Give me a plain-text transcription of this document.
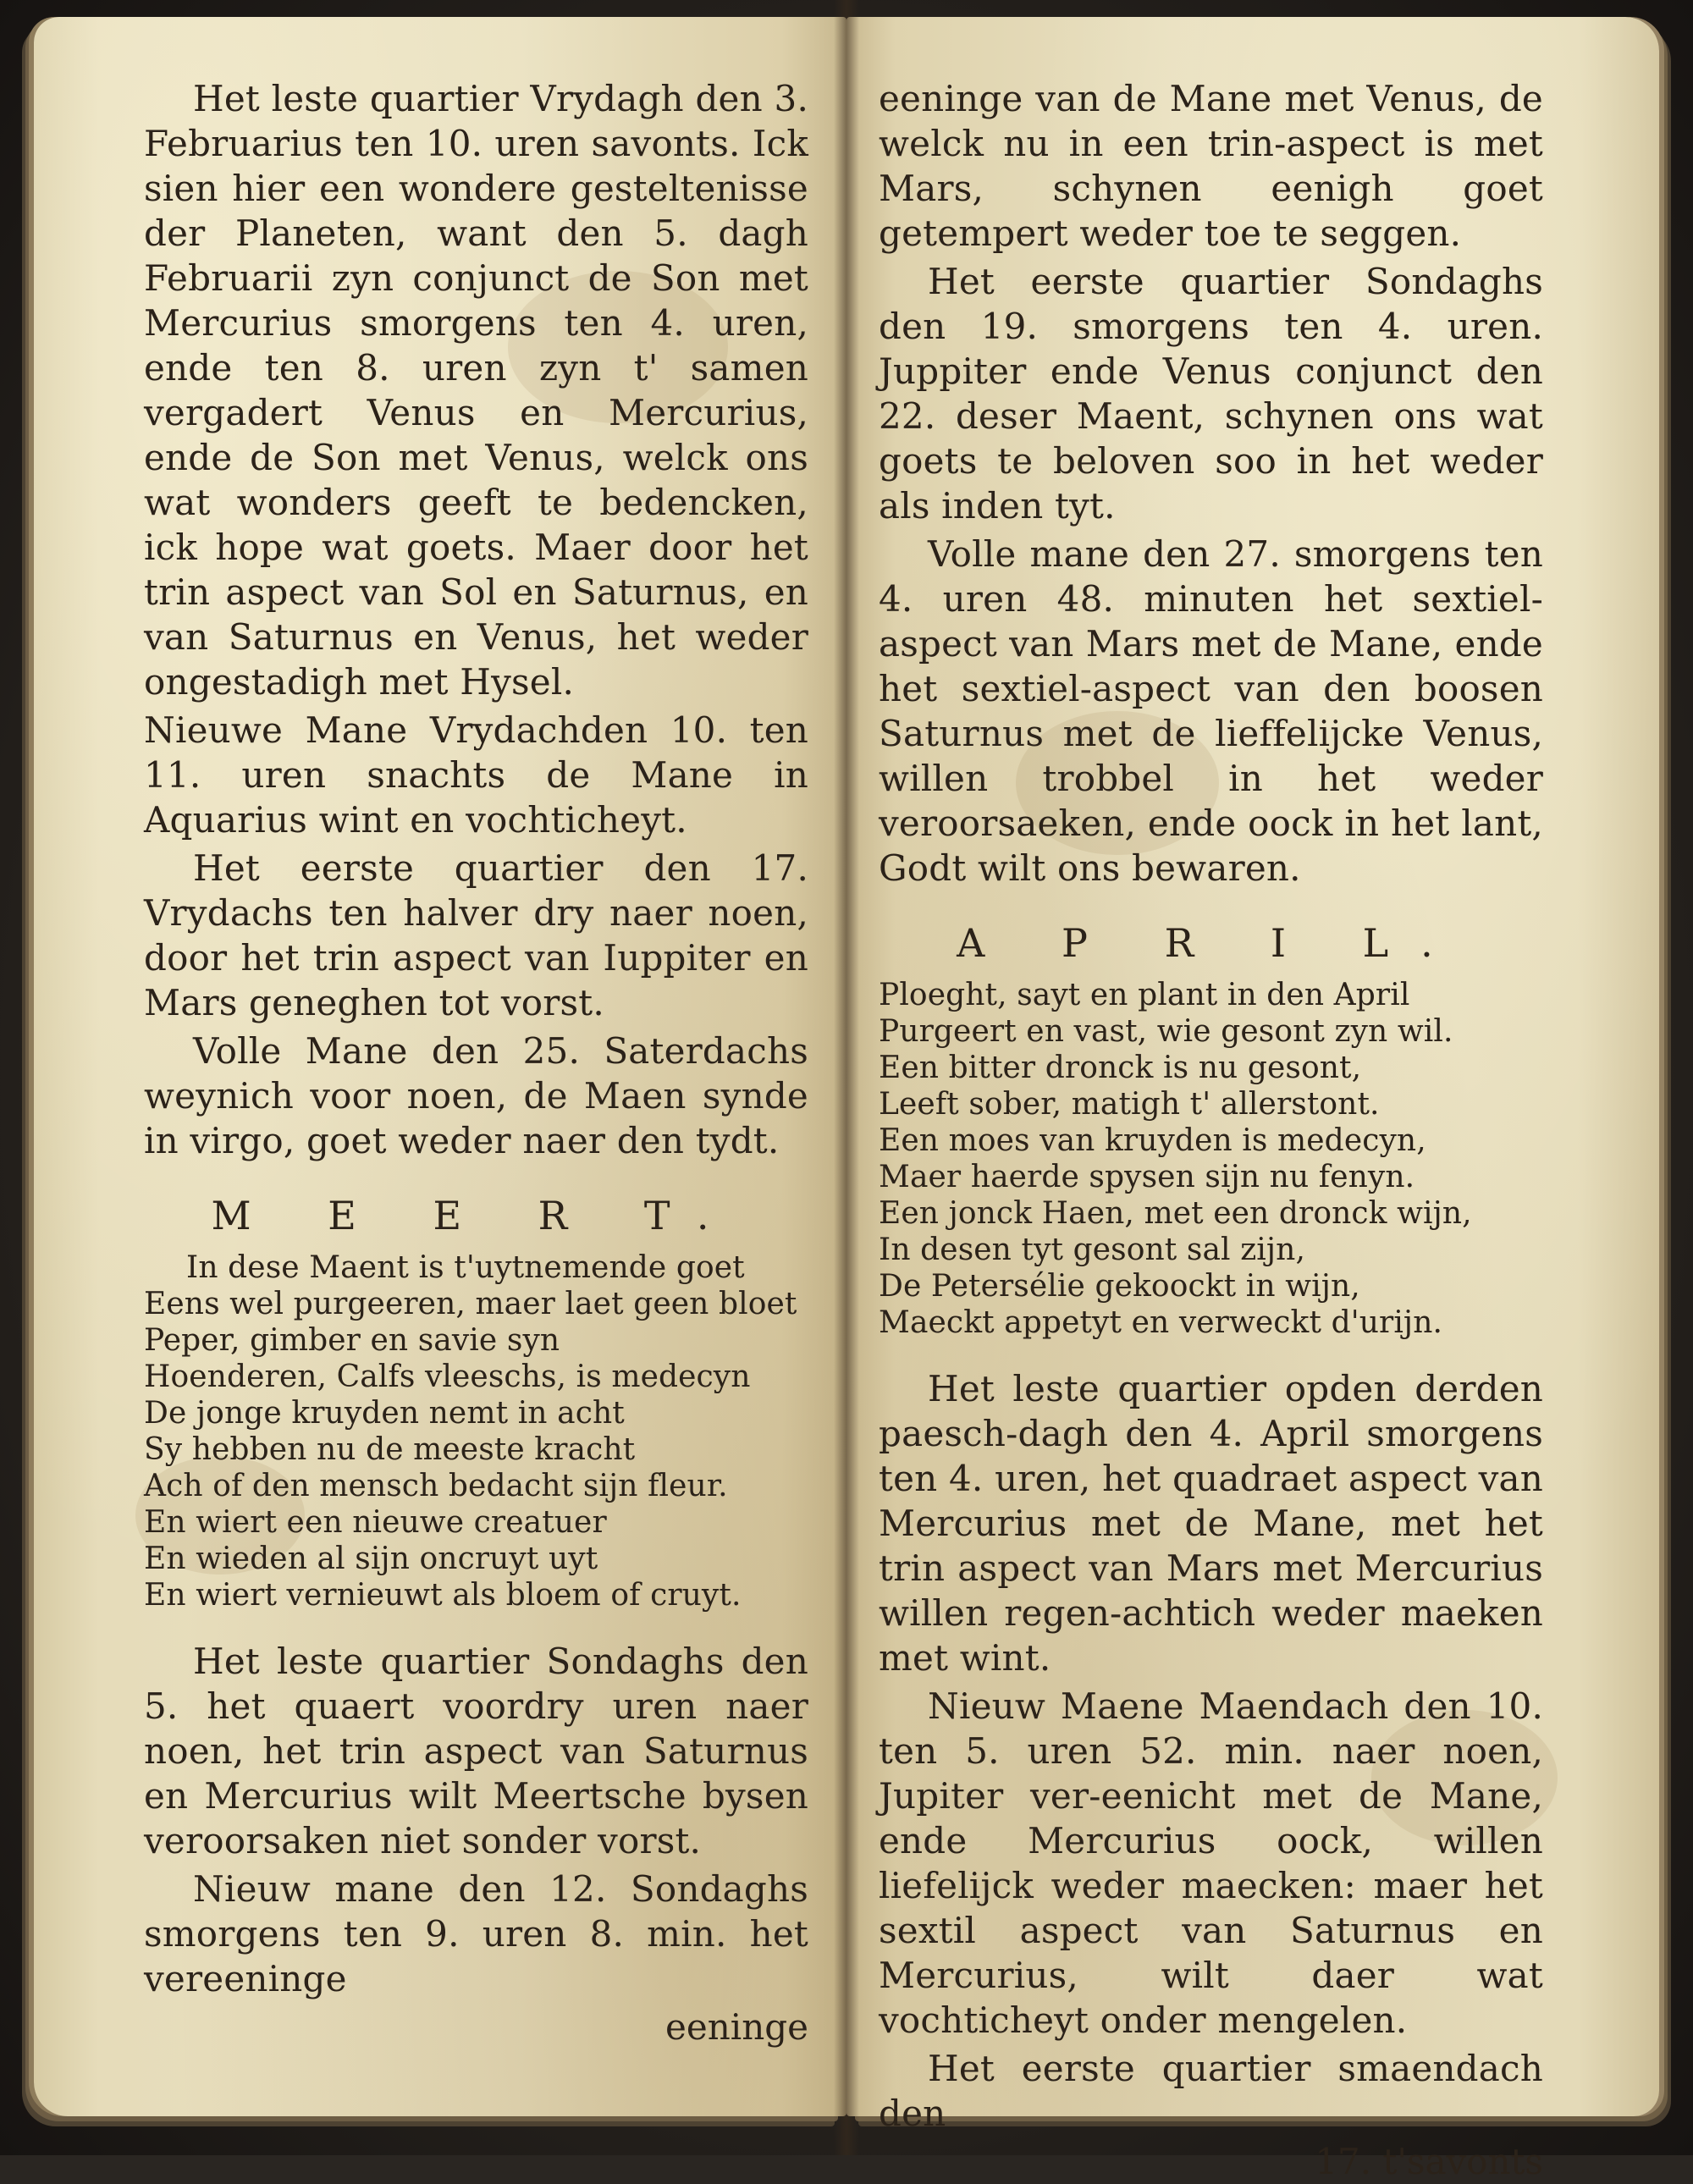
Het leste quartier Vrydagh den 3. Februarius ten 10. uren savonts. Ick sien hier een wondere gesteltenisse der Planeten, want den 5. dagh Februarii zyn conjunct de Son met Mercurius smorgens ten 4. uren, ende ten 8. uren zyn t' samen vergadert Venus en Mercurius, ende de Son met Venus, welck ons wat wonders geeft te bedencken, ick hope wat goets. Maer door het trin aspect van Sol en Saturnus, en van Saturnus en Venus, het weder ongestadigh met Hysel.

Nieuwe Mane Vrydachden 10. ten 11. uren snachts de Mane in Aquarius wint en vochticheyt.

Het eerste quartier den 17. Vrydachs ten halver dry naer noen, door het trin aspect van Iuppiter en Mars geneghen tot vorst.

Volle Mane den 25. Saterdachs weynich voor noen, de Maen synde in virgo, goet weder naer den tydt.

M E E R T.
In dese Maent is t'uytnemende goet
Eens wel purgeeren, maer laet geen bloet
Peper, gimber en savie syn
Hoenderen, Calfs vleeschs, is medecyn
De jonge kruyden nemt in acht
Sy hebben nu de meeste kracht
Ach of den mensch bedacht sijn fleur.
En wiert een nieuwe creatuer
En wieden al sijn oncruyt uyt
En wiert vernieuwt als bloem of cruyt.

Het leste quartier Sondaghs den 5. het quaert voordry uren naer noen, het trin aspect van Saturnus en Mercurius wilt Meertsche bysen veroorsaken niet sonder vorst.

Nieuw mane den 12. Sondaghs smorgens ten 9. uren 8. min. het vereeninge

eeninge

eeninge van de Mane met Venus, de welck nu in een trin-aspect is met Mars, schynen eenigh goet getempert weder toe te seggen.

Het eerste quartier Sondaghs den 19. smorgens ten 4. uren. Juppiter ende Venus conjunct den 22. deser Maent, schynen ons wat goets te beloven soo in het weder als inden tyt.

Volle mane den 27. smorgens ten 4. uren 48. minuten het sextiel-aspect van Mars met de Mane, ende het sextiel-aspect van den boosen Saturnus met de lieffelijcke Venus, willen trobbel in het weder veroorsaeken, ende oock in het lant, Godt wilt ons bewaren.

A P R I L.
Ploeght, sayt en plant in den April
Purgeert en vast, wie gesont zyn wil.
Een bitter dronck is nu gesont,
Leeft sober, matigh t' allerstont.
Een moes van kruyden is medecyn,
Maer haerde spysen sijn nu fenyn.
Een jonck Haen, met een dronck wijn,
In desen tyt gesont sal zijn,
De Petersélie gekoockt in wijn,
Maeckt appetyt en verweckt d'urijn.

Het leste quartier opden derden paesch-dagh den 4. April smorgens ten 4. uren, het quadraet aspect van Mercurius met de Mane, met het trin aspect van Mars met Mercurius willen regen-achtich weder maeken met wint.

Nieuw Maene Maendach den 10. ten 5. uren 52. min. naer noen, Jupiter ver-eenicht met de Mane, ende Mercurius oock, willen liefelijck weder maecken: maer het sextil aspect van Saturnus en Mercurius, wilt daer wat vochticheyt onder mengelen.

Het eerste quartier smaendach den

17. t'savonts
